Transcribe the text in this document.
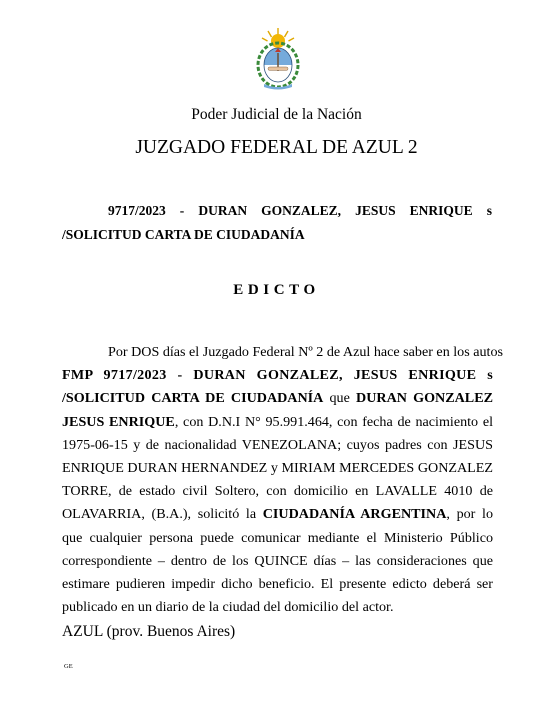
Poder Judicial de la Nación
JUZGADO FEDERAL DE AZUL 2
9717/2023 - DURAN GONZALEZ, JESUS ENRIQUE s
/SOLICITUD CARTA DE CIUDADANÍA
EDICTO
Por DOS días el Juzgado Federal Nº 2 de Azul hace saber en los autos
FMP 9717/2023 - DURAN GONZALEZ, JESUS ENRIQUE s
/SOLICITUD CARTA DE CIUDADANÍA que DURAN GONZALEZ
JESUS ENRIQUE, con D.N.I N° 95.991.464, con fecha de nacimiento el
1975-06-15 y de nacionalidad VENEZOLANA; cuyos padres con JESUS
ENRIQUE DURAN HERNANDEZ y MIRIAM MERCEDES GONZALEZ
TORRE, de estado civil Soltero, con domicilio en LAVALLE 4010 de
OLAVARRIA, (B.A.), solicitó la CIUDADANÍA ARGENTINA, por lo
que cualquier persona puede comunicar mediante el Ministerio Público
correspondiente – dentro de los QUINCE días – las consideraciones que
estimare pudieren impedir dicho beneficio. El presente edicto deberá ser
publicado en un diario de la ciudad del domicilio del actor.
AZUL (prov. Buenos Aires)
GE
